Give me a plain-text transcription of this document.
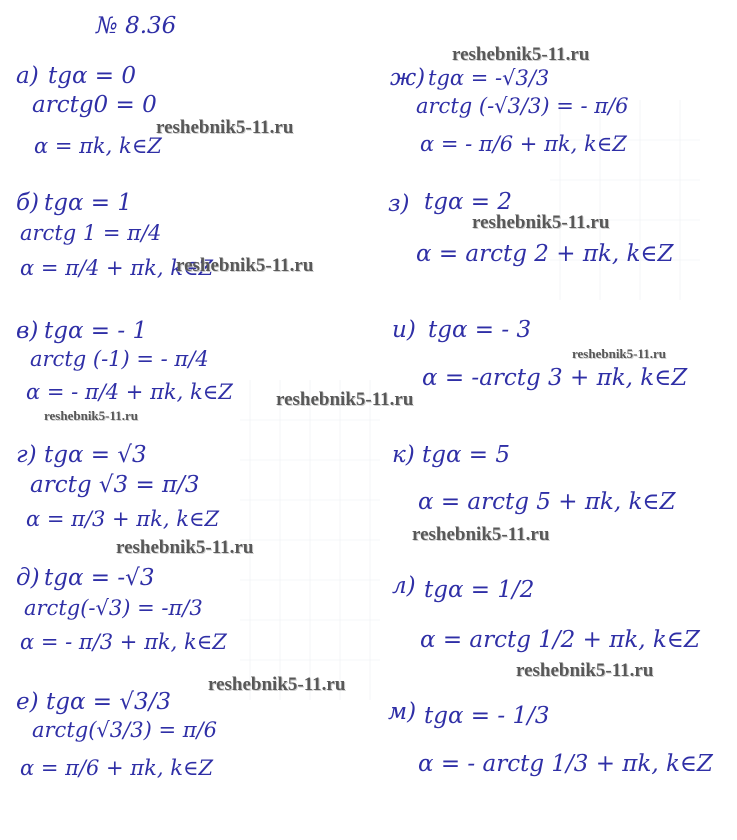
№ 8.36
а) tgα = 0
arctg0 = 0
α = πk, k∈Z
б) tgα = 1
arctg 1 = π/4
α = π/4 + πk, k∈Z
в) tgα = - 1
arctg (-1) = - π/4
α = - π/4 + πk, k∈Z
г) tgα = √3
arctg √3 = π/3
α = π/3 + πk, k∈Z
д) tgα = -√3
arctg(-√3) = -π/3
α = - π/3 + πk, k∈Z
е) tgα = √3/3
arctg(√3/3) = π/6
α = π/6 + πk, k∈Z
ж) tgα = -√3/3
arctg (-√3/3) = - π/6
α = - π/6 + πk, k∈Z
з) tgα = 2
α = arctg 2 + πk, k∈Z
и) tgα = - 3
α = -arctg 3 + πk, k∈Z
к) tgα = 5
α = arctg 5 + πk, k∈Z
л) tgα = 1/2
α = arctg 1/2 + πk, k∈Z
м) tgα = - 1/3
α = - arctg 1/3 + πk, k∈Z
reshebnik5-11.ru
reshebnik5-11.ru
reshebnik5-11.ru
reshebnik5-11.ru
reshebnik5-11.ru
reshebnik5-11.ru
reshebnik5-11.ru
reshebnik5-11.ru
reshebnik5-11.ru
reshebnik5-11.ru
reshebnik5-11.ru
